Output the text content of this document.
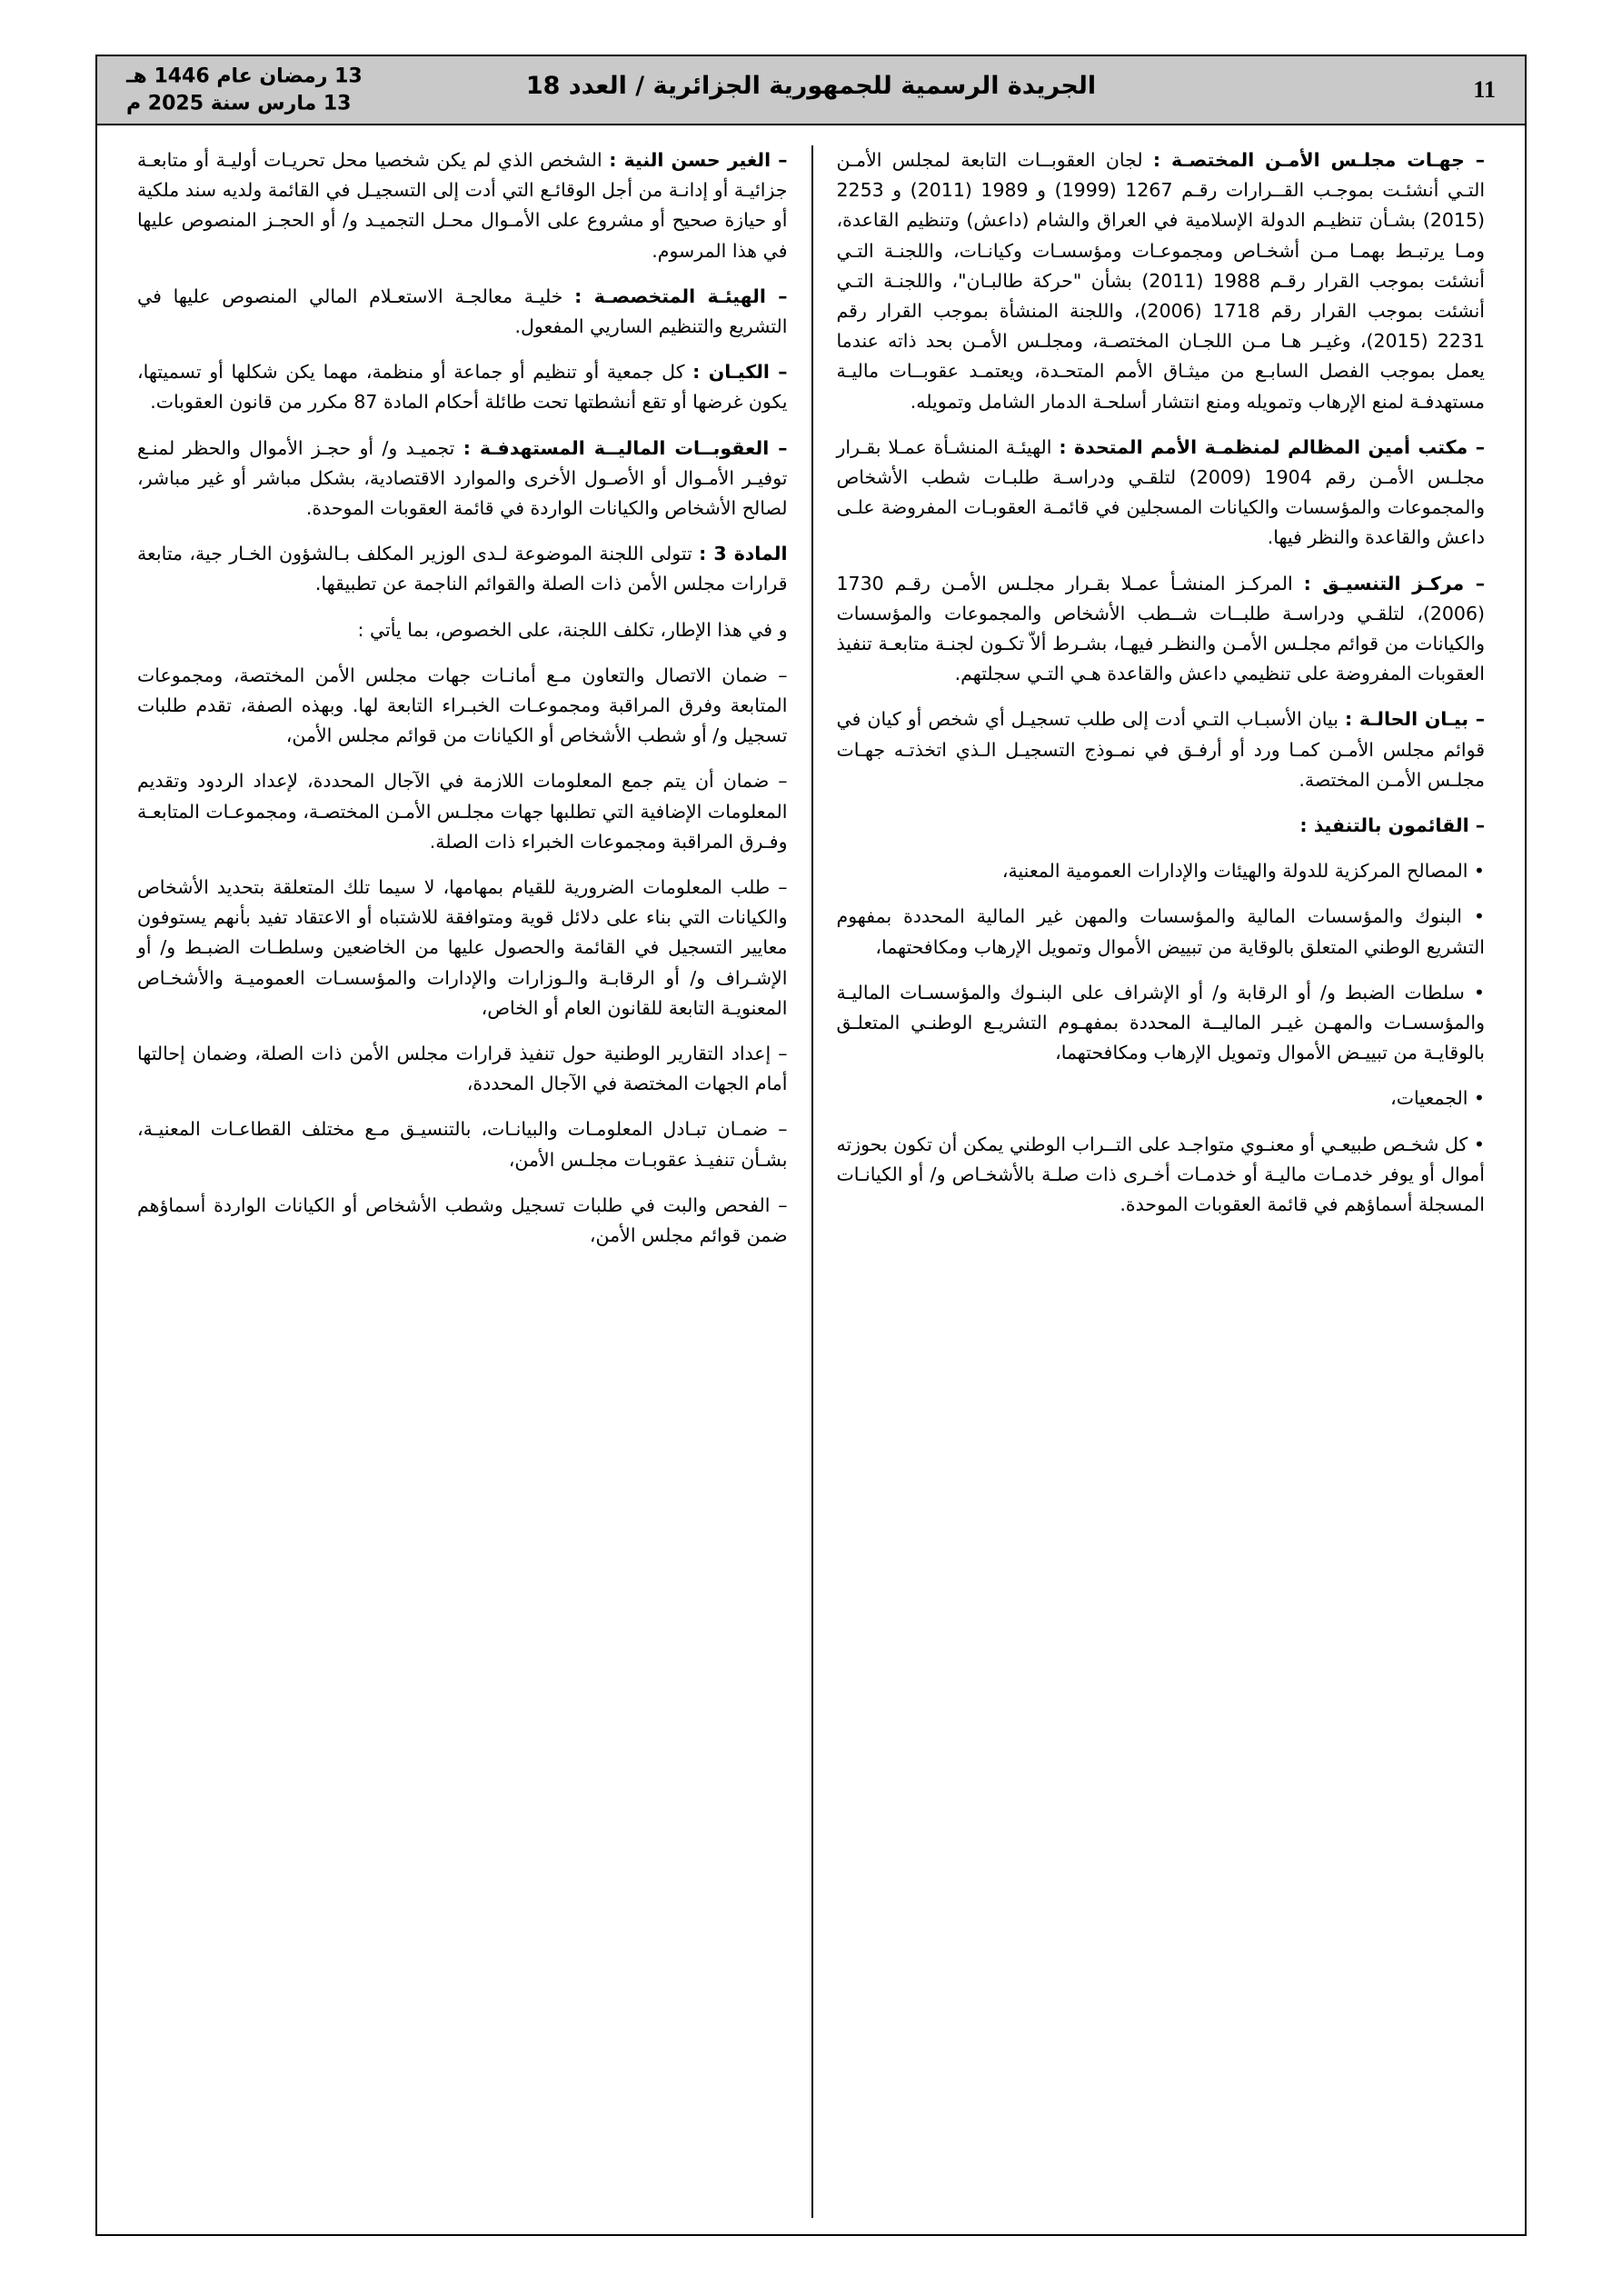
11
الجريدة الرسمية للجمهورية الجزائرية / العدد 18
13 رمضان عام 1446 هـ
13 مارس سنة 2025 م

– جهـات مجلـس الأمـن المختصـة : لجان العقوبــات التابعة لمجلس الأمـن التـي أنشئـت بموجـب القــرارات رقـم 1267 (1999) و 1989 (2011) و 2253 (2015) بشـأن تنظيـم الدولة الإسلامية في العراق والشام (داعش) وتنظيم القاعدة، ومـا يرتبـط بهمـا مـن أشخـاص ومجموعـات ومؤسسـات وكيانـات، واللجنـة التـي أنشئت بموجب القرار رقـم 1988 (2011) بشأن "حركة طالبـان"، واللجنـة التـي أنشئت بموجب القرار رقم 1718 (2006)، واللجنة المنشأة بموجب القرار رقم 2231 (2015)، وغيـر هـا مـن اللجـان المختصـة، ومجلـس الأمـن بحد ذاته عندما يعمل بموجب الفصل السابـع من ميثـاق الأمم المتحـدة، ويعتمـد عقوبــات ماليـة مستهدفـة لمنع الإرهاب وتمويله ومنع انتشار أسلحـة الدمار الشامل وتمويله.

– مكتب أمين المظالم لمنظمـة الأمم المتحدة : الهيئـة المنشـأة عمـلا بقـرار مجلـس الأمـن رقم 1904 (2009) لتلقـي ودراسـة طلبـات شطب الأشخاص والمجموعات والمؤسسات والكيانات المسجلين في قائمـة العقوبـات المفروضة علـى داعش والقاعدة والنظر فيها.

– مركـز التنسيـق : المركـز المنشـأ عمـلا بقـرار مجلـس الأمـن رقـم 1730 (2006)، لتلقـي ودراسـة طلبــات شــطب الأشخاص والمجموعات والمؤسسات والكيانات من قوائم مجلـس الأمـن والنظـر فيهـا، بشـرط ألاّ تكـون لجنـة متابعـة تنفيذ العقوبات المفروضة على تنظيمي داعش والقاعدة هـي التـي سجلتهم.

– بيـان الحالـة : بيان الأسبـاب التـي أدت إلى طلب تسجيـل أي شخص أو كيان في قوائم مجلس الأمـن كمـا ورد أو أرفـق في نمـوذج التسجيـل الـذي اتخذتـه جهـات مجلـس الأمـن المختصة.

– القائمون بالتنفيذ :

• المصالح المركزية للدولة والهيئات والإدارات العمومية المعنية،

• البنوك والمؤسسات المالية والمؤسسات والمهن غير المالية المحددة بمفهوم التشريع الوطني المتعلق بالوقاية من تبييض الأموال وتمويل الإرهاب ومكافحتهما،

• سلطات الضبط و/ أو الرقابة و/ أو الإشراف على البنـوك والمؤسسـات الماليـة والمؤسسـات والمهـن غيـر الماليــة المحددة بمفهـوم التشريـع الوطنـي المتعلـق بالوقايـة من تبييـض الأموال وتمويل الإرهاب ومكافحتهما،

• الجمعيات،

• كل شخـص طبيعـي أو معنـوي متواجـد على التــراب الوطني يمكن أن تكون بحوزته أموال أو يوفر خدمـات ماليـة أو خدمـات أخـرى ذات صلـة بالأشخـاص و/ أو الكيانـات المسجلة أسماؤهم في قائمة العقوبات الموحدة.

– الغير حسن النية : الشخص الذي لم يكن شخصيا محل تحريـات أوليـة أو متابعـة جزائيـة أو إدانـة من أجل الوقائـع التي أدت إلى التسجيـل في القائمة ولديه سند ملكية أو حيازة صحيح أو مشروع على الأمـوال محـل التجميـد و/ أو الحجـز المنصوص عليها في هذا المرسوم.

– الهيئـة المتخصصـة : خليـة معالجـة الاستعـلام المالي المنصوص عليها في التشريع والتنظيم الساريي المفعول.

– الكيـان : كل جمعية أو تنظيم أو جماعة أو منظمة، مهما يكن شكلها أو تسميتها، يكون غرضها أو تقع أنشطتها تحت طائلة أحكام المادة 87 مكرر من قانون العقوبات.

– العقوبــات الماليــة المستهدفـة : تجميـد و/ أو حجـز الأموال والحظر لمنـع توفيـر الأمـوال أو الأصـول الأخرى والموارد الاقتصادية، بشكل مباشر أو غير مباشر، لصالح الأشخاص والكيانات الواردة في قائمة العقوبات الموحدة.

المادة 3 : تتولى اللجنة الموضوعة لـدى الوزير المكلف بـالشؤون الخـار جية، متابعة قرارات مجلس الأمن ذات الصلة والقوائم الناجمة عن تطبيقها.

و في هذا الإطار، تكلف اللجنة، على الخصوص، بما يأتي :

– ضمان الاتصال والتعاون مـع أمانـات جهات مجلس الأمن المختصة، ومجموعات المتابعة وفرق المراقبة ومجموعـات الخبـراء التابعة لها. وبهذه الصفة، تقدم طلبات تسجيل و/ أو شطب الأشخاص أو الكيانات من قوائم مجلس الأمن،

– ضمان أن يتم جمع المعلومات اللازمة في الآجال المحددة، لإعداد الردود وتقديم المعلومات الإضافية التي تطلبها جهات مجلـس الأمـن المختصـة، ومجموعـات المتابعـة وفـرق المراقبة ومجموعات الخبراء ذات الصلة.

– طلب المعلومات الضرورية للقيام بمهامها، لا سيما تلك المتعلقة بتحديد الأشخاص والكيانات التي بناء على دلائل قوية ومتوافقة للاشتباه أو الاعتقاد تفيد بأنهم يستوفون معايير التسجيل في القائمة والحصول عليها من الخاضعين وسلطـات الضبـط و/ أو الإشـراف و/ أو الرقابـة والـوزارات والإدارات والمؤسسـات العموميـة والأشخـاص المعنويـة التابعة للقانون العام أو الخاص،

– إعداد التقارير الوطنية حول تنفيذ قرارات مجلس الأمن ذات الصلة، وضمان إحالتها أمام الجهات المختصة في الآجال المحددة،

– ضمـان تبـادل المعلومـات والبيانـات، بالتنسيـق مـع مختلف القطاعـات المعنيـة، بشـأن تنفيـذ عقوبـات مجلـس الأمن،

– الفحص والبت في طلبات تسجيل وشطب الأشخاص أو الكيانات الواردة أسماؤهم ضمن قوائم مجلس الأمن،
